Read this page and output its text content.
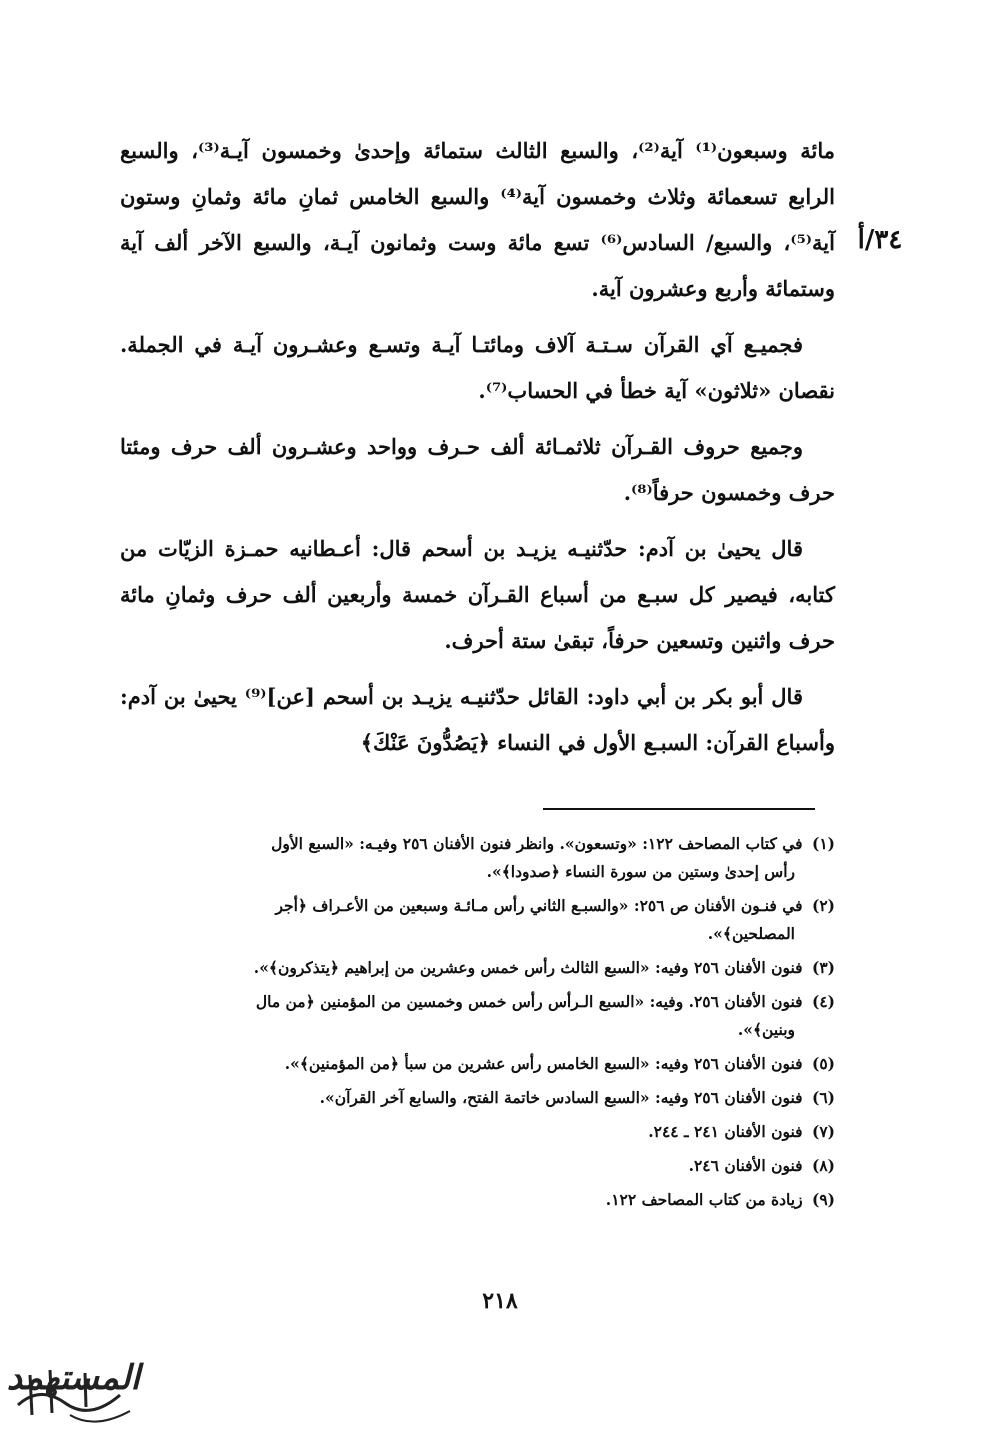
٣٤/أ

مائة وسبعون⁽¹⁾ آية⁽²⁾، والسبع الثالث ستمائة وإحدىٰ وخمسون آيـة⁽³⁾، والسبع الرابع تسعمائة وثلاث وخمسون آية⁽⁴⁾ والسبع الخامس ثمانِ مائة وثمانِ وستون آية⁽⁵⁾، والسبع/ السادس⁽⁶⁾ تسع مائة وست وثمانون آيـة، والسبع الآخر ألف آية وستمائة وأربع وعشرون آية.

فجميـع آي القرآن سـتـة آلاف ومائتـا آيـة وتسـع وعشـرون آيـة في الجملة. نقصان «ثلاثون» آية خطأ في الحساب⁽⁷⁾.

وجميع حروف القـرآن ثلاثمـائة ألف حـرف وواحد وعشـرون ألف حرف ومئتا حرف وخمسون حرفاً⁽⁸⁾.

قال يحيىٰ بن آدم: حدّثنيـه يزيـد بن أسحم قال: أعـطانيه حمـزة الزيّات من كتابه، فيصير كل سبـع من أسباع القـرآن خمسة وأربعين ألف حرف وثمانِ مائة حرف واثنين وتسعين حرفاً، تبقىٰ ستة أحرف.

قال أبو بكر بن أبي داود: القائل حدّثنيـه يزيـد بن أسحم [عن]⁽⁹⁾ يحيىٰ بن آدم: وأسباع القرآن: السبـع الأول في النساء ﴿يَصُدُّونَ عَنْكَ﴾

(١) في كتاب المصاحف ١٢٢: «وتسعون». وانظر فنون الأفنان ٢٥٦ وفيـه: «السبع الأول
رأس إحدىٰ وستين من سورة النساء ﴿صدودا﴾».
(٢) في فنـون الأفنان ص ٢٥٦: «والسبـع الثاني رأس مـائـة وسبعين من الأعـراف ﴿أجر
المصلحين﴾».
(٣) فنون الأفنان ٢٥٦ وفيه: «السبع الثالث رأس خمس وعشرين من إبراهيم ﴿يتذكرون﴾».
(٤) فنون الأفنان ٢٥٦. وفيه: «السبع الـرأس رأس خمس وخمسين من المؤمنين ﴿من مال
وبنين﴾».
(٥) فنون الأفنان ٢٥٦ وفيه: «السبع الخامس رأس عشرين من سبأ ﴿من المؤمنين﴾».
(٦) فنون الأفنان ٢٥٦ وفيه: «السبع السادس خاتمة الفتح، والسابع آخر القرآن».
(٧) فنون الأفنان ٢٤١ ـ ٢٤٤.
(٨) فنون الأفنان ٢٤٦.
(٩) زيادة من كتاب المصاحف ١٢٢.
٢١٨
المستهمد
